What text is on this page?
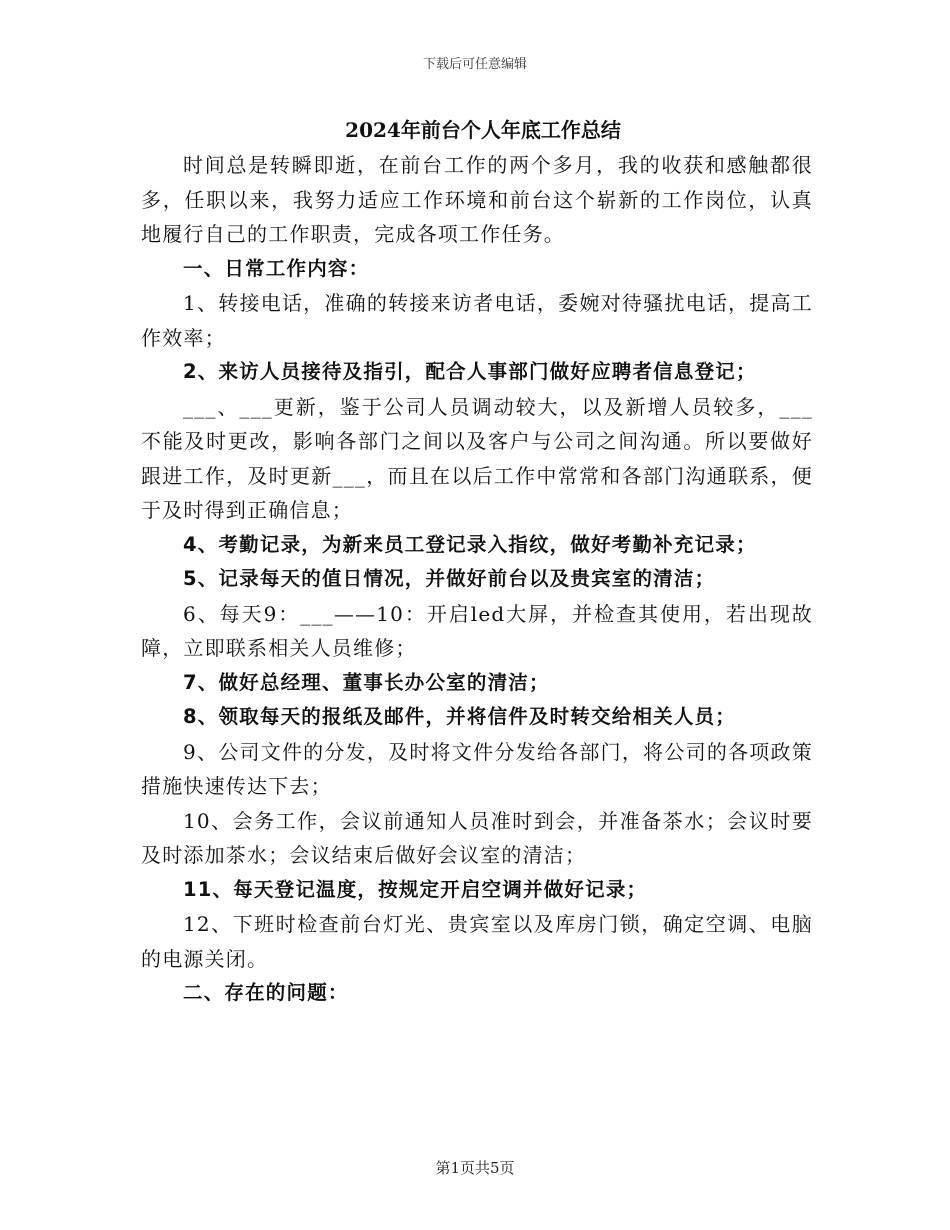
下载后可任意编辑
2024年前台个人年底工作总结

时间总是转瞬即逝，在前台工作的两个多月，我的收获和感触都很多，任职以来，我努力适应工作环境和前台这个崭新的工作岗位，认真地履行自己的工作职责，完成各项工作任务。

一、日常工作内容：

1、转接电话，准确的转接来访者电话，委婉对待骚扰电话，提高工作效率；

2、来访人员接待及指引，配合人事部门做好应聘者信息登记；

___、___更新，鉴于公司人员调动较大，以及新增人员较多，___不能及时更改，影响各部门之间以及客户与公司之间沟通。所以要做好跟进工作，及时更新___，而且在以后工作中常常和各部门沟通联系，便于及时得到正确信息；

4、考勤记录，为新来员工登记录入指纹，做好考勤补充记录；

5、记录每天的值日情况，并做好前台以及贵宾室的清洁；

6、每天9：___——10：开启led大屏，并检查其使用，若出现故障，立即联系相关人员维修；

7、做好总经理、董事长办公室的清洁；

8、领取每天的报纸及邮件，并将信件及时转交给相关人员；

9、公司文件的分发，及时将文件分发给各部门，将公司的各项政策措施快速传达下去；

10、会务工作，会议前通知人员准时到会，并准备茶水；会议时要及时添加茶水；会议结束后做好会议室的清洁；

11、每天登记温度，按规定开启空调并做好记录；

12、下班时检查前台灯光、贵宾室以及库房门锁，确定空调、电脑的电源关闭。

二、存在的问题：

第1页共5页
